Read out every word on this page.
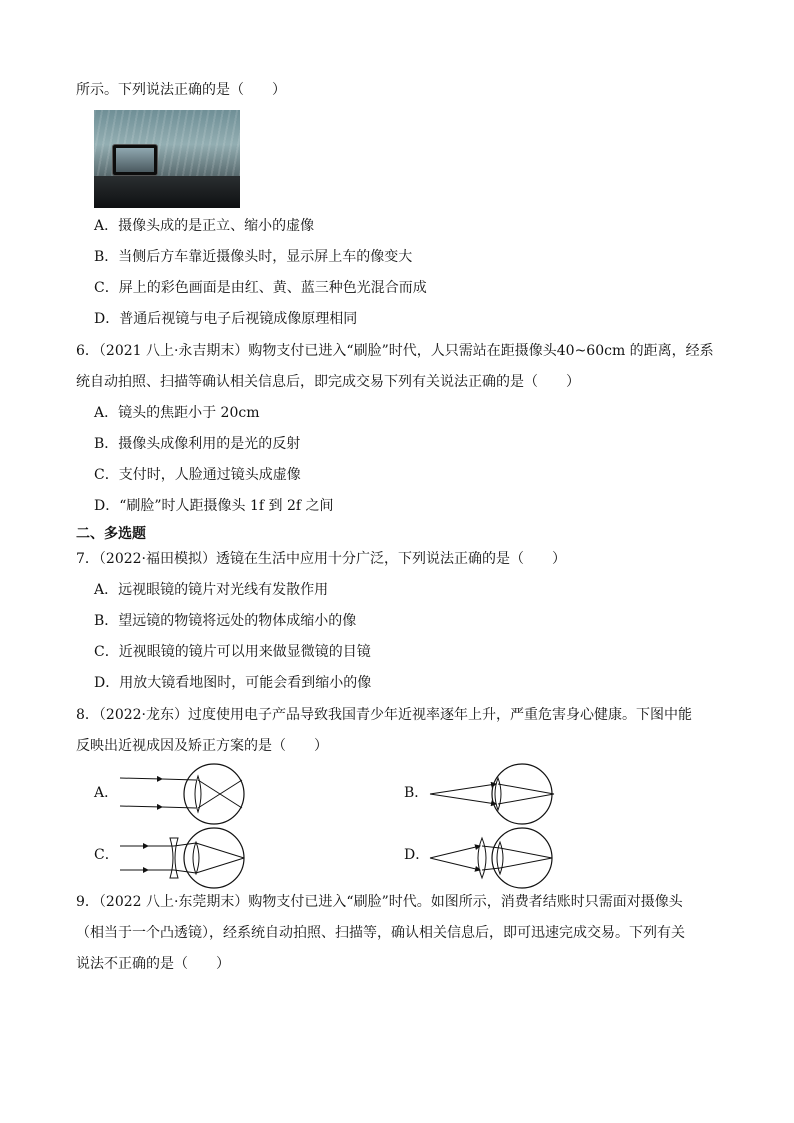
所示。下列说法正确的是（　　）
A．摄像头成的是正立、缩小的虚像
B．当侧后方车靠近摄像头时，显示屏上车的像变大
C．屏上的彩色画面是由红、黄、蓝三种色光混合而成
D．普通后视镜与电子后视镜成像原理相同
6．（2021 八上·永吉期末）购物支付已进入“刷脸”时代，人只需站在距摄像头40~60cm 的距离，经系
统自动拍照、扫描等确认相关信息后，即完成交易下列有关说法正确的是（　　）
A．镜头的焦距小于 20cm
B．摄像头成像利用的是光的反射
C．支付时，人脸通过镜头成虚像
D．“刷脸”时人距摄像头 1f 到 2f 之间
二、多选题
7．（2022·福田模拟）透镜在生活中应用十分广泛，下列说法正确的是（　　）
A．远视眼镜的镜片对光线有发散作用
B．望远镜的物镜将远处的物体成缩小的像
C．近视眼镜的镜片可以用来做显微镜的目镜
D．用放大镜看地图时，可能会看到缩小的像
8．（2022·龙东）过度使用电子产品导致我国青少年近视率逐年上升，严重危害身心健康。下图中能
反映出近视成因及矫正方案的是（　　）
A．	B．
C．	D．
9．（2022 八上·东莞期末）购物支付已进入“刷脸”时代。如图所示，消费者结账时只需面对摄像头
（相当于一个凸透镜），经系统自动拍照、扫描等，确认相关信息后，即可迅速完成交易。下列有关
说法不正确的是（　　）
